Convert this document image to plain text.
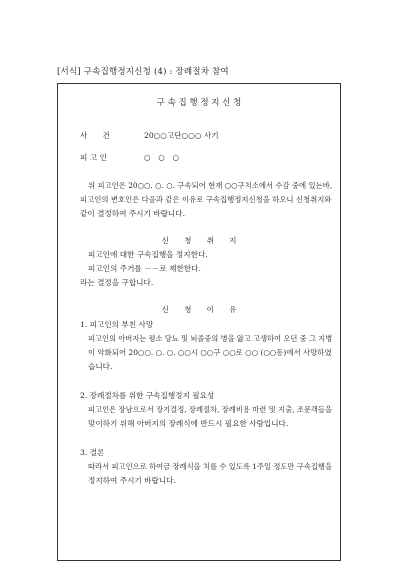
[서식] 구속집행정지신청 (4) : 장례절차 참여
구 속 집 행 정 지 신 청
사　　건	20○○고단○○○ 사기
피 고 인	○　○　○
위 피고인은 20○○. ○. ○. 구속되어 현재 ○○구치소에서 수감 중에 있는바,
피고인의 변호인은 다음과 같은 이유로 구속집행정지신청을 하오니 신청취지와
같이 결정하여 주시기 바랍니다.
신　　청　　취　　지
피고인에 대한 구속집행을 정지한다.
피고인의 주거를 －－로 제한한다.
라는 결정을 구합니다.
신　　청　　이　　유
1. 피고인의 부친 사망
피고인의 아버지는 평소 당뇨 및 뇌졸중의 병을 앓고 고생하여 오던 중 그 지병
이 악화되어 20○○. ○. ○. ○○시 ○○구 ○○로 ○○ (○○동)에서 사망하였
습니다.
2. 장례절차를 위한 구속집행정지 필요성
피고인은 장남으로서 장기결정, 장례절차, 장례비용 마련 및 지출, 조문객들을
맞이하기 위해 아버지의 장례식에 반드시 필요한 사람입니다.
3. 결론
따라서 피고인으로 하여금 장례식을 치를 수 있도록 1주일 정도만 구속집행을
정지하여 주시기 바랍니다.
